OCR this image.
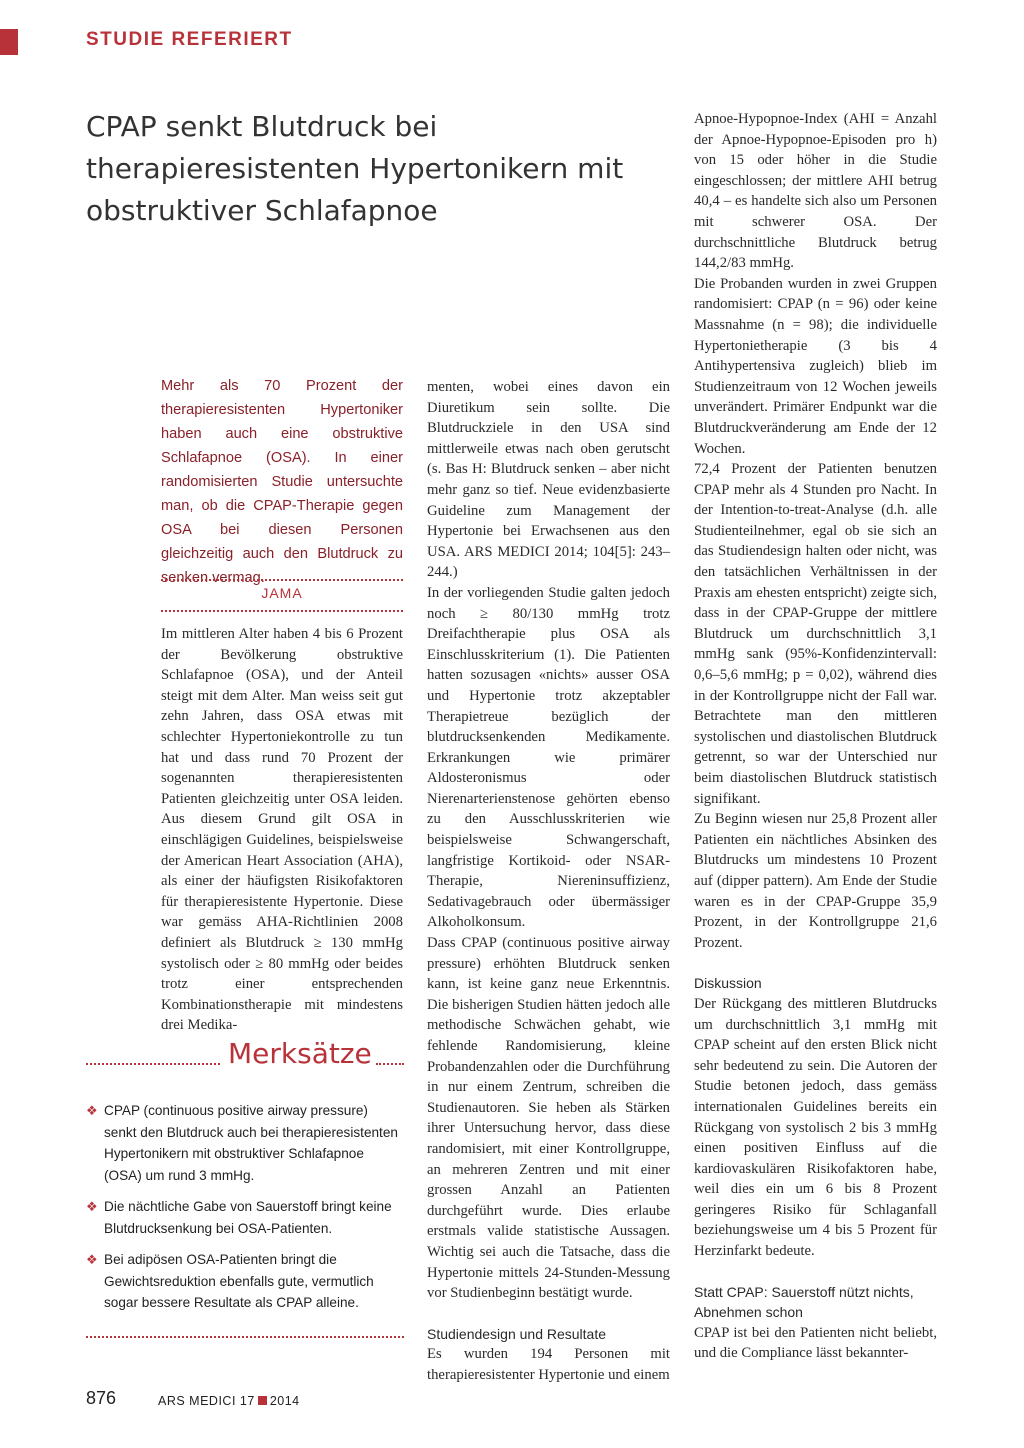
STUDIE REFERIERT
CPAP senkt Blutdruck bei therapieresistenten Hypertonikern mit obstruktiver Schlafapnoe

Mehr als 70 Prozent der therapieresistenten Hypertoniker haben auch eine obstruktive Schlafapnoe (OSA). In einer randomisierten Studie untersuchte man, ob die CPAP-Therapie gegen OSA bei diesen Personen gleichzeitig auch den Blutdruck zu senken vermag.

JAMA

Im mittleren Alter haben 4 bis 6 Prozent der Bevölkerung obstruktive Schlafapnoe (OSA), und der Anteil steigt mit dem Alter. Man weiss seit gut zehn Jahren, dass OSA etwas mit schlechter Hypertoniekontrolle zu tun hat und dass rund 70 Prozent der sogenannten therapieresistenten Patienten gleichzeitig unter OSA leiden. Aus diesem Grund gilt OSA in einschlägigen Guidelines, beispielsweise der American Heart Association (AHA), als einer der häufigsten Risikofaktoren für therapieresistente Hypertonie. Diese war gemäss AHA-Richtlinien 2008 definiert als Blutdruck ≥ 130 mmHg systolisch oder ≥ 80 mmHg oder beides trotz einer entsprechenden Kombinationstherapie mit mindestens drei Medika-

Merksätze
❖ CPAP (continuous positive airway pressure) senkt den Blutdruck auch bei therapieresistenten Hypertonikern mit obstruktiver Schlafapnoe (OSA) um rund 3 mmHg.
❖ Die nächtliche Gabe von Sauerstoff bringt keine Blutdrucksenkung bei OSA-Patienten.
❖ Bei adipösen OSA-Patienten bringt die Gewichtsreduktion ebenfalls gute, vermutlich sogar bessere Resultate als CPAP alleine.

menten, wobei eines davon ein Diuretikum sein sollte. Die Blutdruckziele in den USA sind mittlerweile etwas nach oben gerutscht (s. Bas H: Blutdruck senken – aber nicht mehr ganz so tief. Neue evidenzbasierte Guideline zum Management der Hypertonie bei Erwachsenen aus den USA. ARS MEDICI 2014; 104[5]: 243–244.)

In der vorliegenden Studie galten jedoch noch ≥ 80/130 mmHg trotz Dreifachtherapie plus OSA als Einschlusskriterium (1). Die Patienten hatten sozusagen «nichts» ausser OSA und Hypertonie trotz akzeptabler Therapietreue bezüglich der blutdrucksenkenden Medikamente. Erkrankungen wie primärer Aldosteronismus oder Nierenarterienstenose gehörten ebenso zu den Ausschlusskriterien wie beispielsweise Schwangerschaft, langfristige Kortikoid- oder NSAR-Therapie, Niereninsuffizienz, Sedativagebrauch oder übermässiger Alkoholkonsum.

Dass CPAP (continuous positive airway pressure) erhöhten Blutdruck senken kann, ist keine ganz neue Erkenntnis. Die bisherigen Studien hätten jedoch alle methodische Schwächen gehabt, wie fehlende Randomisierung, kleine Probandenzahlen oder die Durchführung in nur einem Zentrum, schreiben die Studienautoren. Sie heben als Stärken ihrer Untersuchung hervor, dass diese randomisiert, mit einer Kontrollgruppe, an mehreren Zentren und mit einer grossen Anzahl an Patienten durchgeführt wurde. Dies erlaube erstmals valide statistische Aussagen. Wichtig sei auch die Tatsache, dass die Hypertonie mittels 24-Stunden-Messung vor Studienbeginn bestätigt wurde.

Studiendesign und Resultate

Es wurden 194 Personen mit therapieresistenter Hypertonie und einem

Apnoe-Hypopnoe-Index (AHI = Anzahl der Apnoe-Hypopnoe-Episoden pro h) von 15 oder höher in die Studie eingeschlossen; der mittlere AHI betrug 40,4 – es handelte sich also um Personen mit schwerer OSA. Der durchschnittliche Blutdruck betrug 144,2/83 mmHg.

Die Probanden wurden in zwei Gruppen randomisiert: CPAP (n = 96) oder keine Massnahme (n = 98); die individuelle Hypertonietherapie (3 bis 4 Antihypertensiva zugleich) blieb im Studienzeitraum von 12 Wochen jeweils unverändert. Primärer Endpunkt war die Blutdruckveränderung am Ende der 12 Wochen.

72,4 Prozent der Patienten benutzen CPAP mehr als 4 Stunden pro Nacht. In der Intention-to-treat-Analyse (d.h. alle Studienteilnehmer, egal ob sie sich an das Studiendesign halten oder nicht, was den tatsächlichen Verhältnissen in der Praxis am ehesten entspricht) zeigte sich, dass in der CPAP-Gruppe der mittlere Blutdruck um durchschnittlich 3,1 mmHg sank (95%-Konfidenzintervall: 0,6–5,6 mmHg; p = 0,02), während dies in der Kontrollgruppe nicht der Fall war. Betrachtete man den mittleren systolischen und diastolischen Blutdruck getrennt, so war der Unterschied nur beim diastolischen Blutdruck statistisch signifikant.

Zu Beginn wiesen nur 25,8 Prozent aller Patienten ein nächtliches Absinken des Blutdrucks um mindestens 10 Prozent auf (dipper pattern). Am Ende der Studie waren es in der CPAP-Gruppe 35,9 Prozent, in der Kontrollgruppe 21,6 Prozent.

Diskussion

Der Rückgang des mittleren Blutdrucks um durchschnittlich 3,1 mmHg mit CPAP scheint auf den ersten Blick nicht sehr bedeutend zu sein. Die Autoren der Studie betonen jedoch, dass gemäss internationalen Guidelines bereits ein Rückgang von systolisch 2 bis 3 mmHg einen positiven Einfluss auf die kardiovaskulären Risikofaktoren habe, weil dies ein um 6 bis 8 Prozent geringeres Risiko für Schlaganfall beziehungsweise um 4 bis 5 Prozent für Herzinfarkt bedeute.

Statt CPAP: Sauerstoff nützt nichts, Abnehmen schon

CPAP ist bei den Patienten nicht beliebt, und die Compliance lässt bekannter-

876	ARS MEDICI 17 2014
